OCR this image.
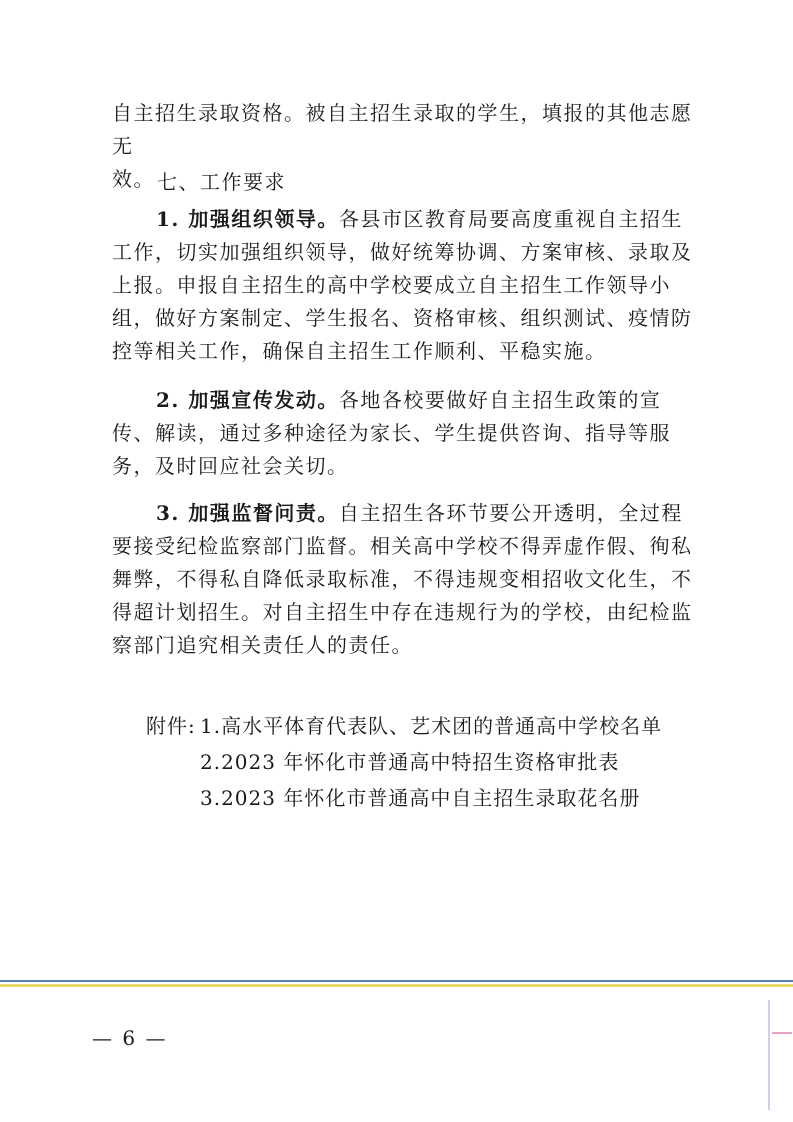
自主招生录取资格。被自主招生录取的学生，填报的其他志愿无

效。 七、工作要求

1. 加强组织领导。各县市区教育局要高度重视自主招生工作，切实加强组织领导，做好统筹协调、方案审核、录取及上报。申报自主招生的高中学校要成立自主招生工作领导小组，做好方案制定、学生报名、资格审核、组织测试、疫情防控等相关工作，确保自主招生工作顺利、平稳实施。

2. 加强宣传发动。各地各校要做好自主招生政策的宣传、解读，通过多种途径为家长、学生提供咨询、指导等服务，及时回应社会关切。

3. 加强监督问责。自主招生各环节要公开透明，全过程要接受纪检监察部门监督。相关高中学校不得弄虚作假、徇私舞弊，不得私自降低录取标准，不得违规变相招收文化生，不得超计划招生。对自主招生中存在违规行为的学校，由纪检监察部门追究相关责任人的责任。

附件: 1.高水平体育代表队、艺术团的普通高中学校名单
2.2023 年怀化市普通高中特招生资格审批表
3.2023 年怀化市普通高中自主招生录取花名册
— 6 —
